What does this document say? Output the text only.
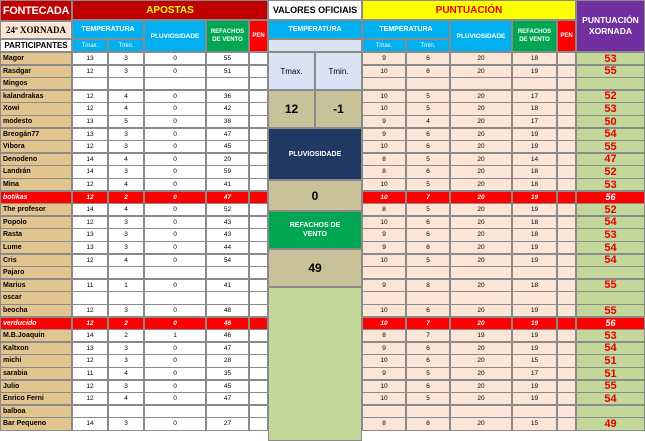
FONTECADA
24ª XORNADA
PARTICIPANTES
APOSTAS
TEMPERATURA
Tmax.	Tmin.
PLUVIOSIDADE
REFACHOS DE VENTO
PEN
VALORES OFICIAIS
TEMPERATURA
PUNTUACIÓN
TEMPERATURA
Tmax.	Tmin.
PLUVIOSIDADE
REFACHOS DE VENTO
PEN
PUNTUACIÓN XORNADA
Tmax.	Tmin.
12	-1
PLUVIOSIDADE
0
REFACHOS DE VENTO
49
Magor	13	3	0	55	9	6	20	18	53
Rasdgar	12	3	0	51	10	6	20	19	55
Mingos
kalandrakas	12	4	0	36	10	5	20	17	52
Xowi	12	4	0	42	10	5	20	18	53
modesto	13	5	0	38	9	4	20	17	50
Breogán77	13	3	0	47	9	6	20	19	54
Vibora	12	3	0	45	10	6	20	19	55
Denodeno	14	4	0	20	8	5	20	14	47
Landrán	14	3	0	59	8	6	20	18	52
Mina	12	4	0	41	10	5	20	18	53
botikas	12	2	0	47	10	7	20	19	56
The profesor	14	4	0	52	8	5	20	19	52
Popolo	12	3	0	43	10	6	20	18	54
Rasta	13	3	0	43	9	6	20	18	53
Lume	13	3	0	44	9	6	20	19	54
Cris	12	4	0	54	10	5	20	19	54
Pajaro
Marius	11	1	0	41	9	8	20	18	55
oscar
beocha	12	3	0	48	10	6	20	19	55
verducido	12	2	0	46	10	7	20	19	56
M.B.Joaquin	14	2	1	46	8	7	19	19	53
Kaltxon	13	3	0	47	9	6	20	19	54
michi	12	3	0	28	10	6	20	15	51
sarabia	11	4	0	35	9	5	20	17	51
Julio	12	3	0	45	10	6	20	19	55
Enrico Ferni	12	4	0	47	10	5	20	19	54
balboa
Bar Pequeno	14	3	0	27	8	6	20	15	49
